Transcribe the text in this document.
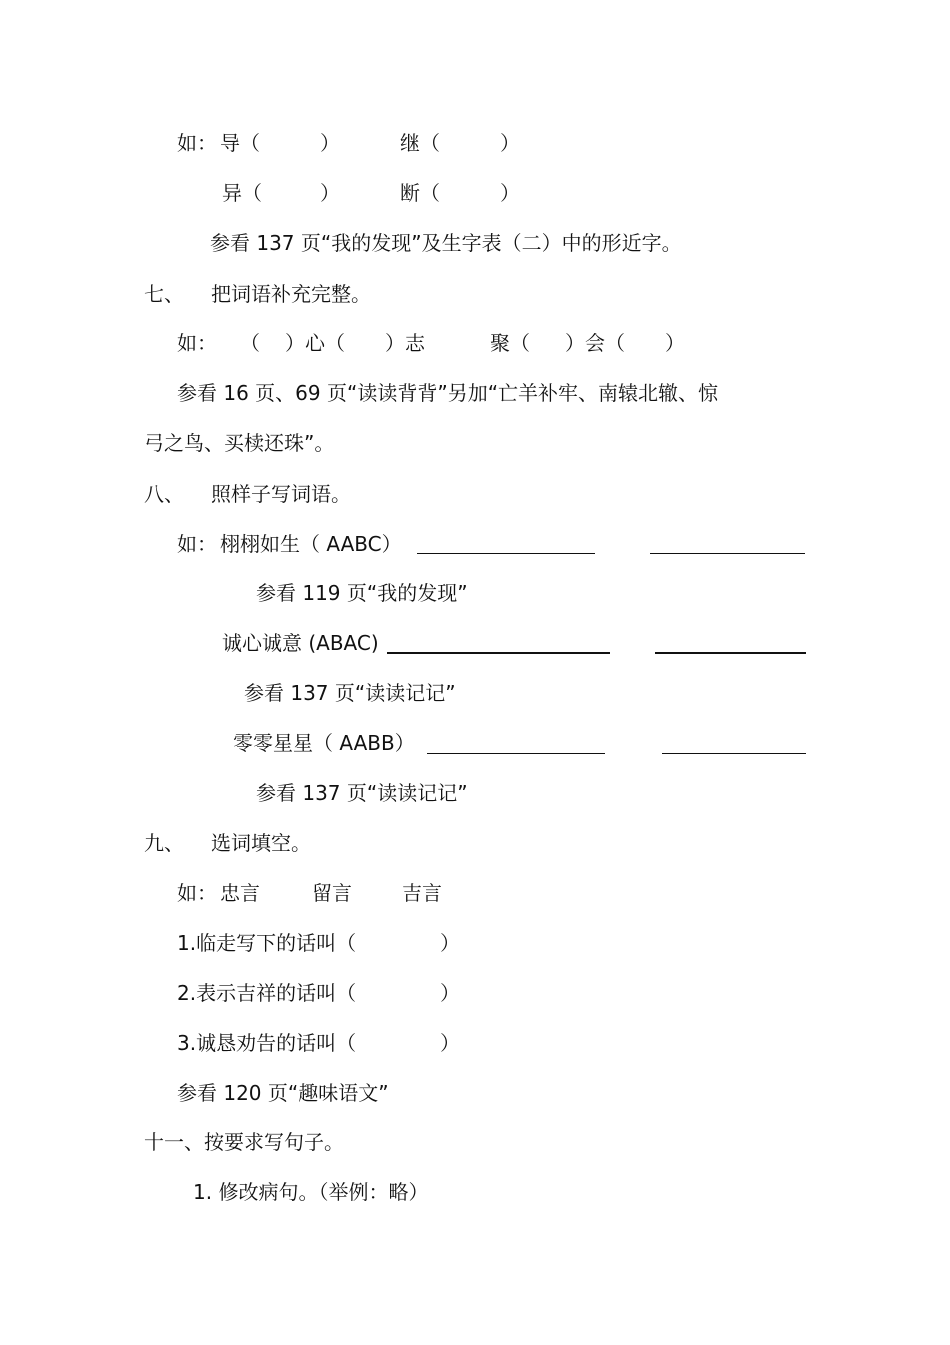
如： 导（	）	继（	）
异（	）	断（	）
参看 137 页“我的发现”及生字表（二）中的形近字。
七、 把词语补充完整。
如： （ ）心（ ）志	聚（ ）会（ ）
参看 16 页、69 页“读读背背”另加“亡羊补牢、南辕北辙、惊
弓之鸟、买椟还珠”。
八、 照样子写词语。
如： 栩栩如生（ AABC）
参看 119 页“我的发现”
诚心诚意 (ABAC)
参看 137 页“读读记记”
零零星星（ AABB）
参看 137 页“读读记记”
九、 选词填空。
如： 忠言	留言	吉言
1.临走写下的话叫（	）
2.表示吉祥的话叫（	）
3.诚恳劝告的话叫（	）
参看 120 页“趣味语文”
十一、按要求写句子。
1. 修改病句。（举例：略）
